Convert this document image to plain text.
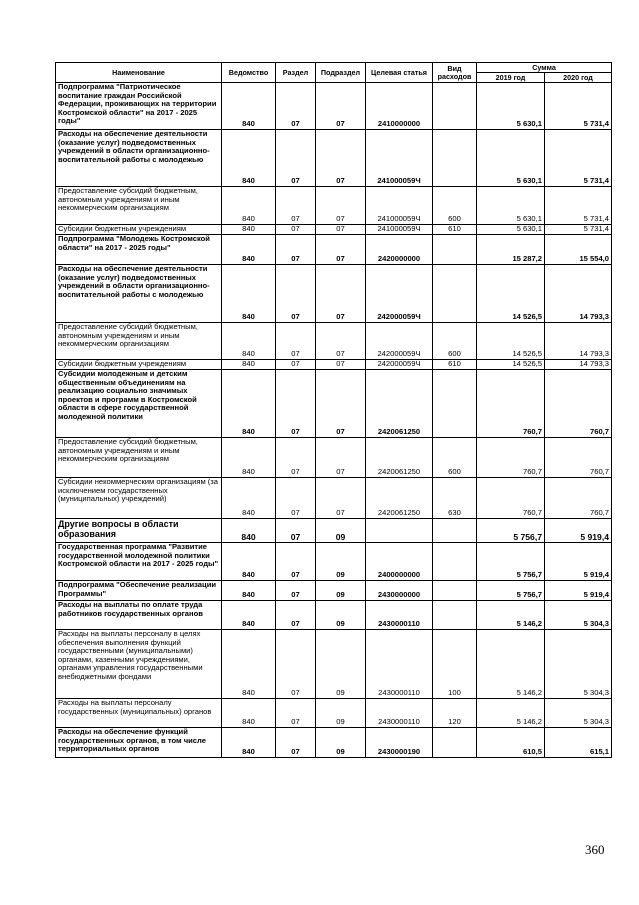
Наименование	Ведомство	Раздел	Подраздел	Целевая статья	Вид расходов	Сумма	
						2019 год	2020 год
Подпрограмма "Патриотическое воспитание граждан Российской Федерации, проживающих на территории Костромской области" на 2017 - 2025 годы"	840	07	07	2410000000		5 630,1	5 731,4
Расходы на обеспечение деятельности (оказание услуг) подведомственных учреждений в области организационно-воспитательной работы с молодежью	840	07	07	241000059Ч		5 630,1	5 731,4
Предоставление субсидий бюджетным, автономным учреждениям и иным некоммерческим организациям	840	07	07	241000059Ч	600	5 630,1	5 731,4
Субсидии бюджетным учреждениям	840	07	07	241000059Ч	610	5 630,1	5 731,4
Подпрограмма "Молодежь Костромской области" на 2017 - 2025 годы"	840	07	07	2420000000		15 287,2	15 554,0
Расходы на обеспечение деятельности (оказание услуг) подведомственных учреждений в области организационно-воспитательной работы с молодежью	840	07	07	242000059Ч		14 526,5	14 793,3
Предоставление субсидий бюджетным, автономным учреждениям и иным некоммерческим организациям	840	07	07	242000059Ч	600	14 526,5	14 793,3
Субсидии бюджетным учреждениям	840	07	07	242000059Ч	610	14 526,5	14 793,3
Субсидии молодежным и детским общественным объединениям на реализацию социально значимых проектов и программ в Костромской области в сфере государственной молодежной политики	840	07	07	2420061250		760,7	760,7
Предоставление субсидий бюджетным, автономным учреждениям и иным некоммерческим организациям	840	07	07	2420061250	600	760,7	760,7
Субсидии некоммерческим организациям (за исключением государственных (муниципальных) учреждений)	840	07	07	2420061250	630	760,7	760,7
Другие вопросы в области образования	840	07	09			5 756,7	5 919,4
Государственная программа "Развитие государственной молодежной политики Костромской области на 2017 - 2025 годы"	840	07	09	2400000000		5 756,7	5 919,4
Подпрограмма "Обеспечение реализации Программы"	840	07	09	2430000000		5 756,7	5 919,4
Расходы на выплаты по оплате труда работников государственных органов	840	07	09	2430000110		5 146,2	5 304,3
Расходы на выплаты персоналу в целях обеспечения выполнения функций государственными (муниципальными) органами, казенными учреждениями, органами управления государственными внебюджетными фондами	840	07	09	2430000110	100	5 146,2	5 304,3
Расходы на выплаты персоналу государственных (муниципальных) органов	840	07	09	2430000110	120	5 146,2	5 304,3
Расходы на обеспечение функций государственных органов, в том числе территориальных органов	840	07	09	2430000190		610,5	615,1
360
